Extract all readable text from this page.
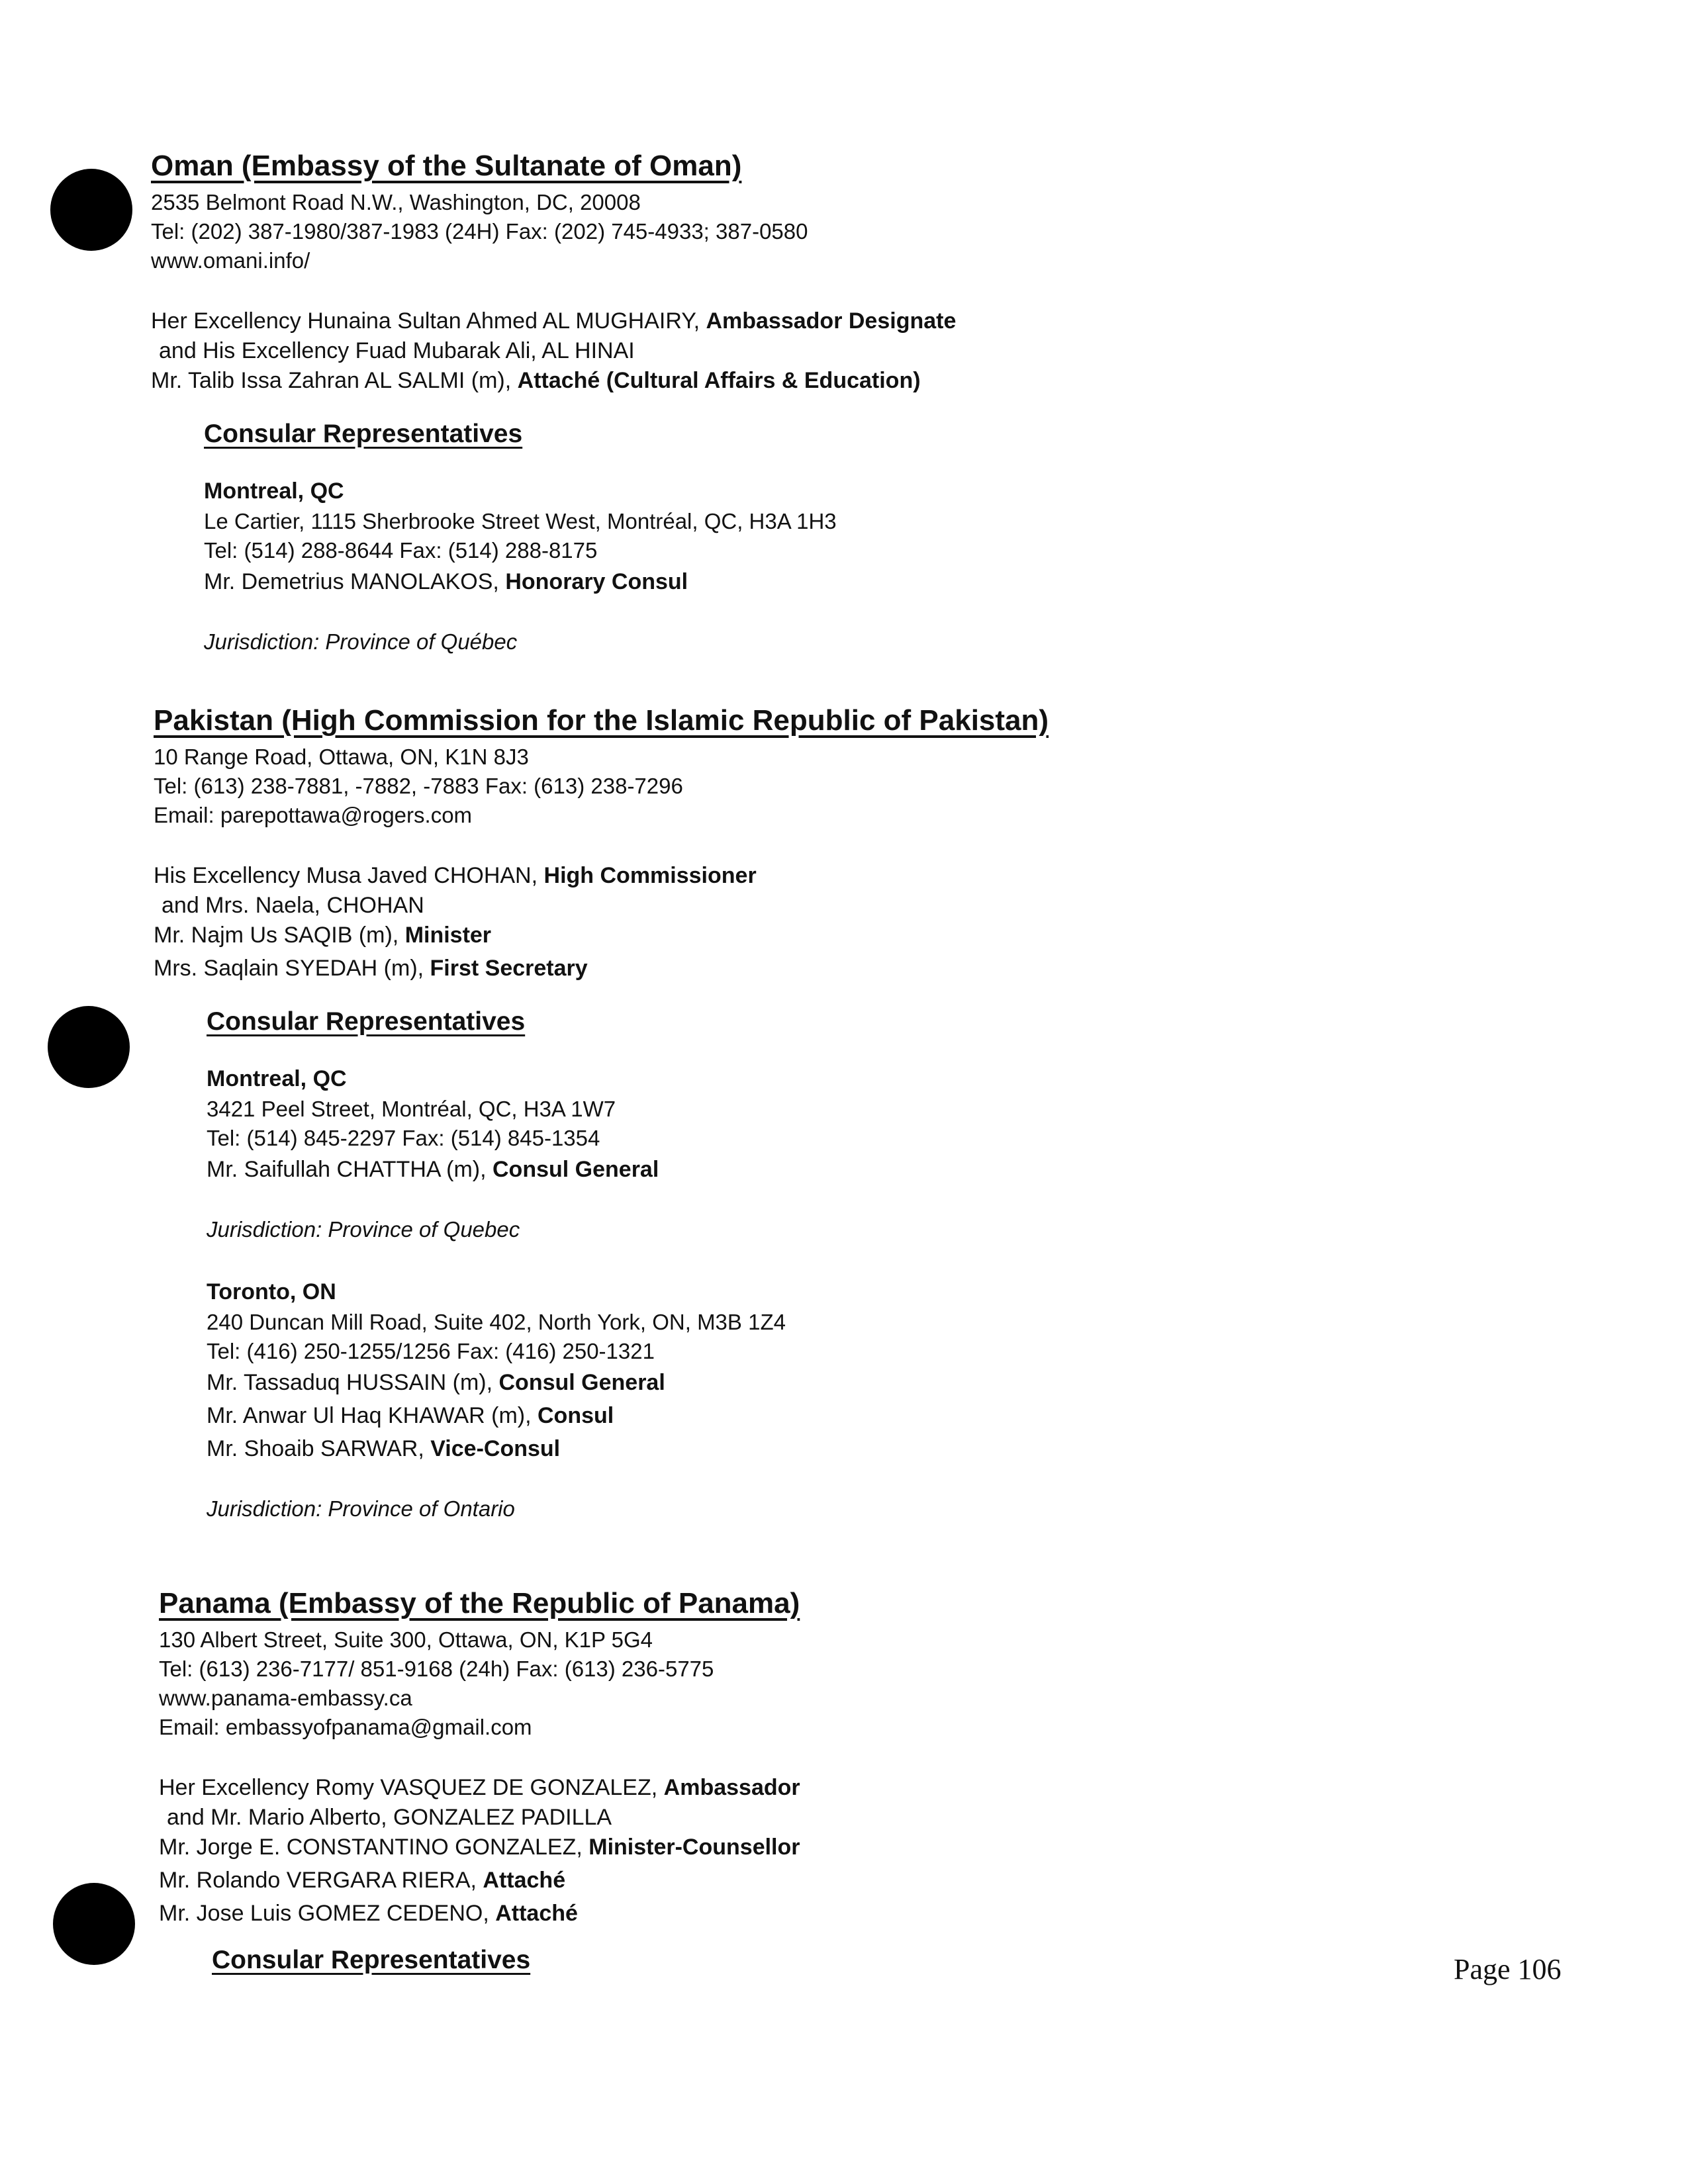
Oman (Embassy of the Sultanate of Oman)
2535 Belmont Road N.W., Washington, DC, 20008
Tel: (202) 387-1980/387-1983 (24H) Fax: (202) 745-4933; 387-0580
www.omani.info/
Her Excellency Hunaina Sultan Ahmed AL MUGHAIRY, Ambassador Designate
and His Excellency Fuad Mubarak Ali, AL HINAI
Mr. Talib Issa Zahran AL SALMI (m), Attaché (Cultural Affairs & Education)
Consular Representatives
Montreal, QC
Le Cartier, 1115 Sherbrooke Street West, Montréal, QC, H3A 1H3
Tel: (514) 288-8644 Fax: (514) 288-8175
Mr. Demetrius MANOLAKOS, Honorary Consul
Jurisdiction: Province of Québec
Pakistan (High Commission for the Islamic Republic of Pakistan)
10 Range Road, Ottawa, ON, K1N 8J3
Tel: (613) 238-7881, -7882, -7883 Fax: (613) 238-7296
Email: parepottawa@rogers.com
His Excellency Musa Javed CHOHAN, High Commissioner
and Mrs. Naela, CHOHAN
Mr. Najm Us SAQIB (m), Minister
Mrs. Saqlain SYEDAH (m), First Secretary
Consular Representatives
Montreal, QC
3421 Peel Street, Montréal, QC, H3A 1W7
Tel: (514) 845-2297 Fax: (514) 845-1354
Mr. Saifullah CHATTHA (m), Consul General
Jurisdiction: Province of Quebec
Toronto, ON
240 Duncan Mill Road, Suite 402, North York, ON, M3B 1Z4
Tel: (416) 250-1255/1256 Fax: (416) 250-1321
Mr. Tassaduq HUSSAIN (m), Consul General
Mr. Anwar Ul Haq KHAWAR (m), Consul
Mr. Shoaib SARWAR, Vice-Consul
Jurisdiction: Province of Ontario
Panama (Embassy of the Republic of Panama)
130 Albert Street, Suite 300, Ottawa, ON, K1P 5G4
Tel: (613) 236-7177/ 851-9168 (24h) Fax: (613) 236-5775
www.panama-embassy.ca
Email: embassyofpanama@gmail.com
Her Excellency Romy VASQUEZ DE GONZALEZ, Ambassador
and Mr. Mario Alberto, GONZALEZ PADILLA
Mr. Jorge E. CONSTANTINO GONZALEZ, Minister-Counsellor
Mr. Rolando VERGARA RIERA, Attaché
Mr. Jose Luis GOMEZ CEDENO, Attaché
Consular Representatives	Page 106
